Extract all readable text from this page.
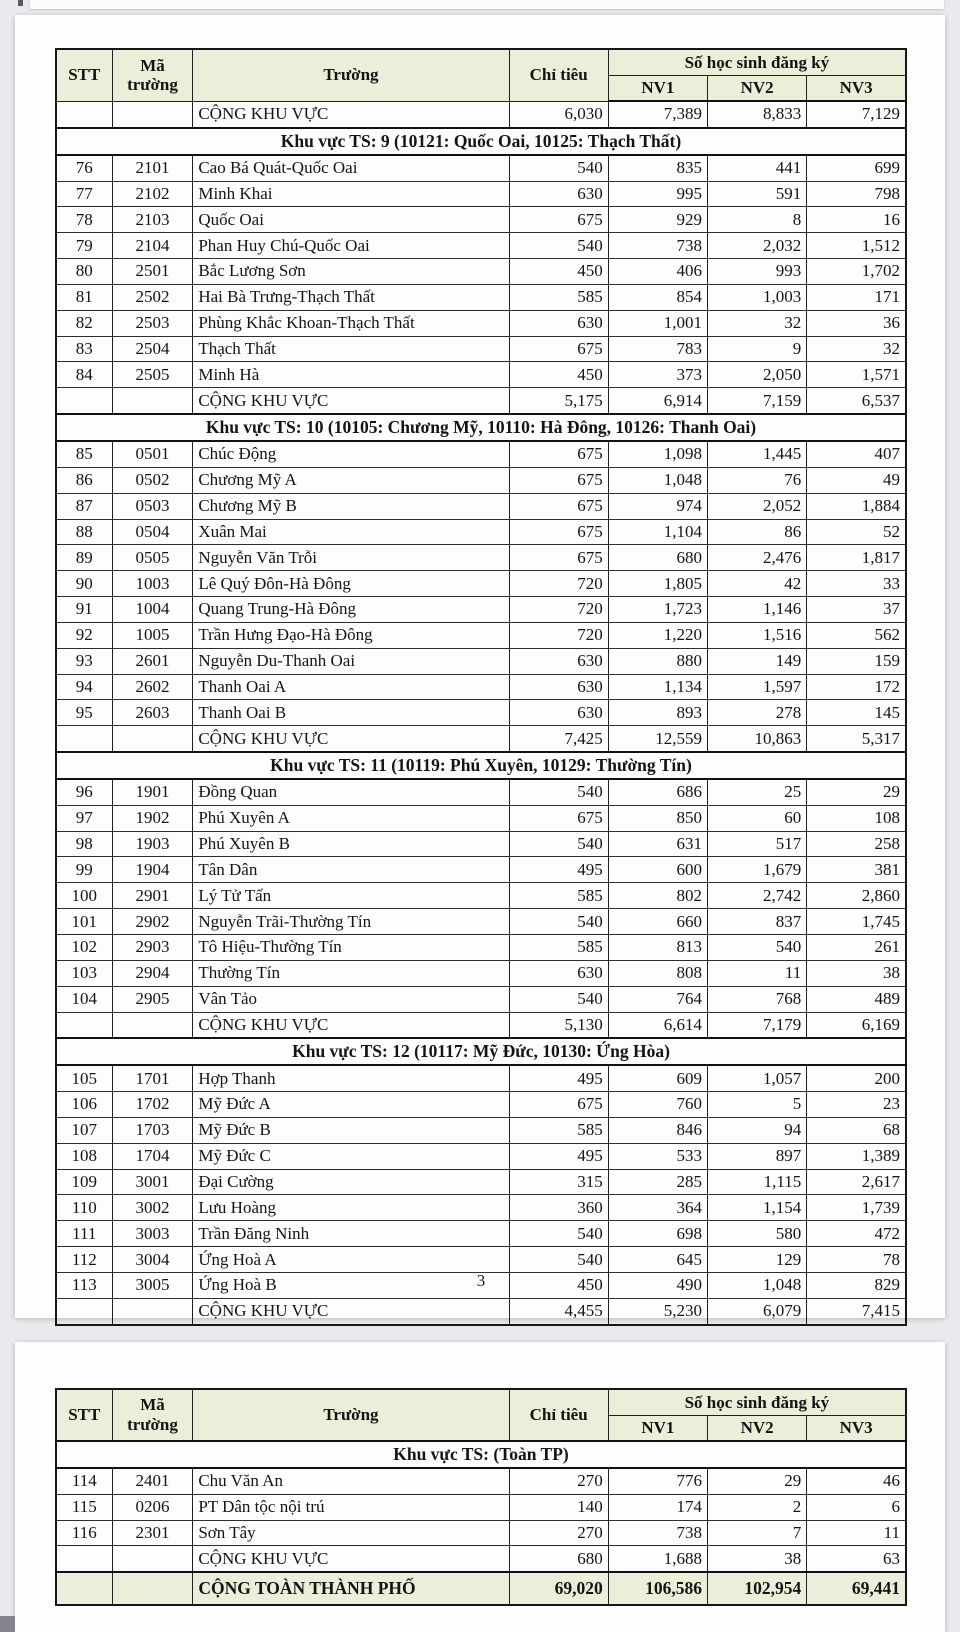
STT	Mã trường	Trường	Chỉ tiêu	Số học sinh đăng ký		
				NV1	NV2	NV3
		CỘNG KHU VỰC	6,030	7,389	8,833	7,129
Khu vực TS: 9 (10121: Quốc Oai, 10125: Thạch Thất)						
76	2101	Cao Bá Quát-Quốc Oai	540	835	441	699
77	2102	Minh Khai	630	995	591	798
78	2103	Quốc Oai	675	929	8	16
79	2104	Phan Huy Chú-Quốc Oai	540	738	2,032	1,512
80	2501	Bắc Lương Sơn	450	406	993	1,702
81	2502	Hai Bà Trưng-Thạch Thất	585	854	1,003	171
82	2503	Phùng Khắc Khoan-Thạch Thất	630	1,001	32	36
83	2504	Thạch Thất	675	783	9	32
84	2505	Minh Hà	450	373	2,050	1,571
		CỘNG KHU VỰC	5,175	6,914	7,159	6,537
Khu vực TS: 10 (10105: Chương Mỹ, 10110: Hà Đông, 10126: Thanh Oai)						
85	0501	Chúc Động	675	1,098	1,445	407
86	0502	Chương Mỹ A	675	1,048	76	49
87	0503	Chương Mỹ B	675	974	2,052	1,884
88	0504	Xuân Mai	675	1,104	86	52
89	0505	Nguyễn Văn Trỗi	675	680	2,476	1,817
90	1003	Lê Quý Đôn-Hà Đông	720	1,805	42	33
91	1004	Quang Trung-Hà Đông	720	1,723	1,146	37
92	1005	Trần Hưng Đạo-Hà Đông	720	1,220	1,516	562
93	2601	Nguyễn Du-Thanh Oai	630	880	149	159
94	2602	Thanh Oai A	630	1,134	1,597	172
95	2603	Thanh Oai B	630	893	278	145
		CỘNG KHU VỰC	7,425	12,559	10,863	5,317
Khu vực TS: 11 (10119: Phú Xuyên, 10129: Thường Tín)						
96	1901	Đồng Quan	540	686	25	29
97	1902	Phú Xuyên A	675	850	60	108
98	1903	Phú Xuyên B	540	631	517	258
99	1904	Tân Dân	495	600	1,679	381
100	2901	Lý Tử Tấn	585	802	2,742	2,860
101	2902	Nguyễn Trãi-Thường Tín	540	660	837	1,745
102	2903	Tô Hiệu-Thường Tín	585	813	540	261
103	2904	Thường Tín	630	808	11	38
104	2905	Vân Tảo	540	764	768	489
		CỘNG KHU VỰC	5,130	6,614	7,179	6,169
Khu vực TS: 12 (10117: Mỹ Đức, 10130: Ứng Hòa)						
105	1701	Hợp Thanh	495	609	1,057	200
106	1702	Mỹ Đức A	675	760	5	23
107	1703	Mỹ Đức B	585	846	94	68
108	1704	Mỹ Đức C	495	533	897	1,389
109	3001	Đại Cường	315	285	1,115	2,617
110	3002	Lưu Hoàng	360	364	1,154	1,739
111	3003	Trần Đăng Ninh	540	698	580	472
112	3004	Ứng Hoà A	540	645	129	78
113	3005	Ứng Hoà B	450	490	1,048	829
		CỘNG KHU VỰC	4,455	5,230	6,079	7,415
3
STT	Mã trường	Trường	Chỉ tiêu	Số học sinh đăng ký		
				NV1	NV2	NV3
Khu vực TS: (Toàn TP)						
114	2401	Chu Văn An	270	776	29	46
115	0206	PT Dân tộc nội trú	140	174	2	6
116	2301	Sơn Tây	270	738	7	11
		CỘNG KHU VỰC	680	1,688	38	63
		CỘNG TOÀN THÀNH PHỐ	69,020	106,586	102,954	69,441
